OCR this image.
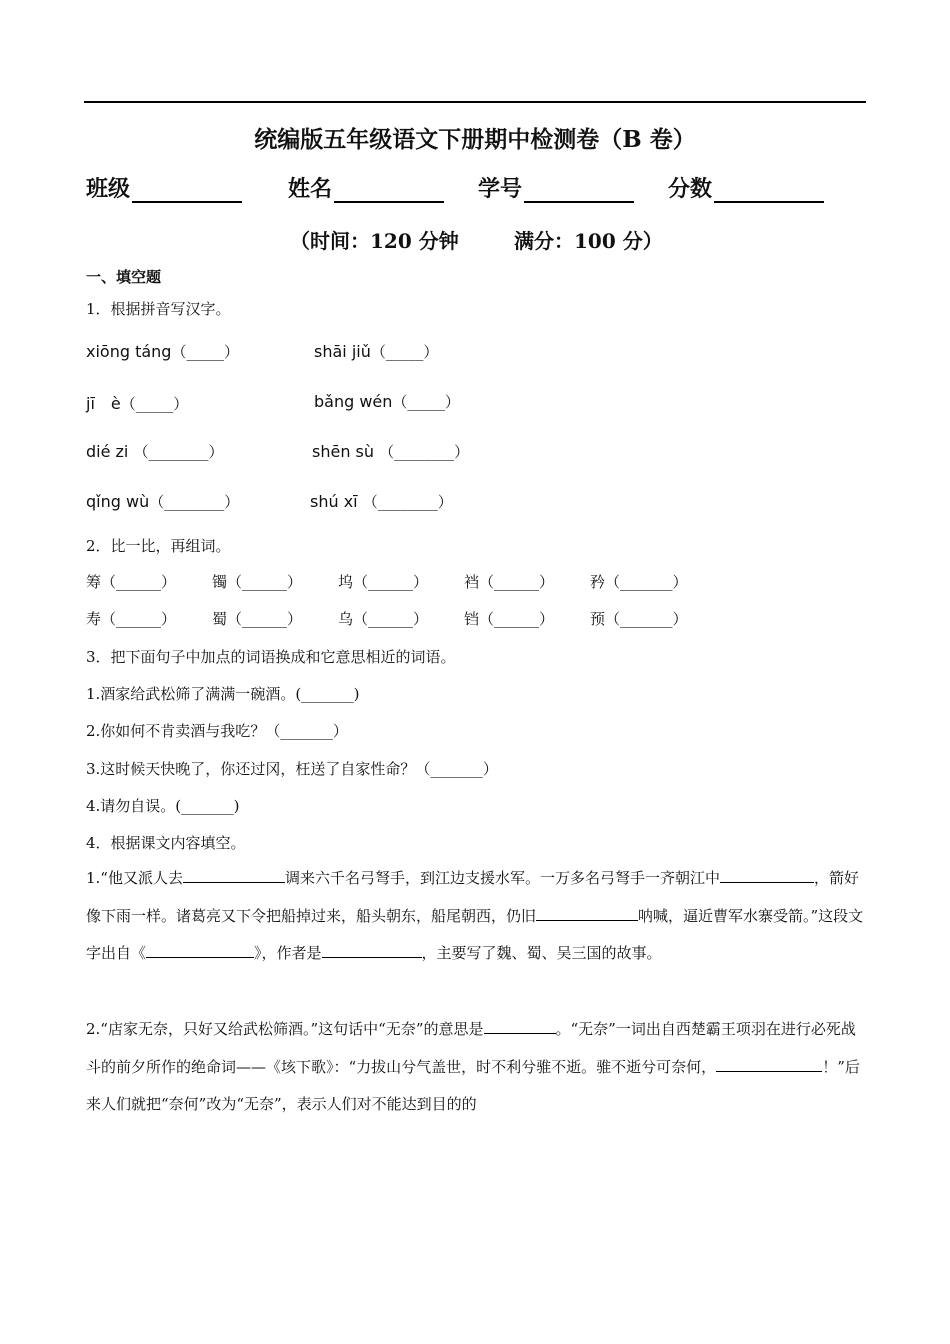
统编版五年级语文下册期中检测卷（B 卷）
班级	姓名	学号	分数
（时间：120 分钟	满分：100 分）
一、填空题
1．根据拼音写汉字。
xiōng táng（_____）	shāi jiǔ（_____）
jī　è（_____）	bǎng wén（_____）
dié zi （________）	shēn sù （________）
qǐng wù（________）	shú xī （________）
2．比一比，再组词。
筹（______） 镯（______） 坞（______） 裆（______） 矜（_______）
寿（______） 蜀（______） 乌（______） 铛（______） 预（_______）
3．把下面句子中加点的词语换成和它意思相近的词语。
1.酒家给武松筛了满满一碗酒。(_______)
2.你如何不肯卖酒与我吃？（_______）
3.这时候天快晚了，你还过冈，枉送了自家性命？（_______）
4.请勿自误。(_______)
4．根据课文内容填空。
1.“他又派人去	调来六千名弓弩手，到江边支援水军。一万多名弓弩手一齐朝江中	，箭好像下雨一样。诸葛亮又下令把船掉过来，船头朝东，船尾朝西，仍旧	呐喊，逼近曹军水寨受箭。”这段文字出自《	》，作者是	，主要写了魏、蜀、吴三国的故事。
2.“店家无奈，只好又给武松筛酒。”这句话中“无奈”的意思是	。“无奈”一词出自西楚霸王项羽在进行必死战斗的前夕所作的绝命词——《垓下歌》：“力拔山兮气盖世，时不利兮骓不逝。骓不逝兮可奈何，	！”后来人们就把“奈何”改为“无奈”，表示人们对不能达到目的的
